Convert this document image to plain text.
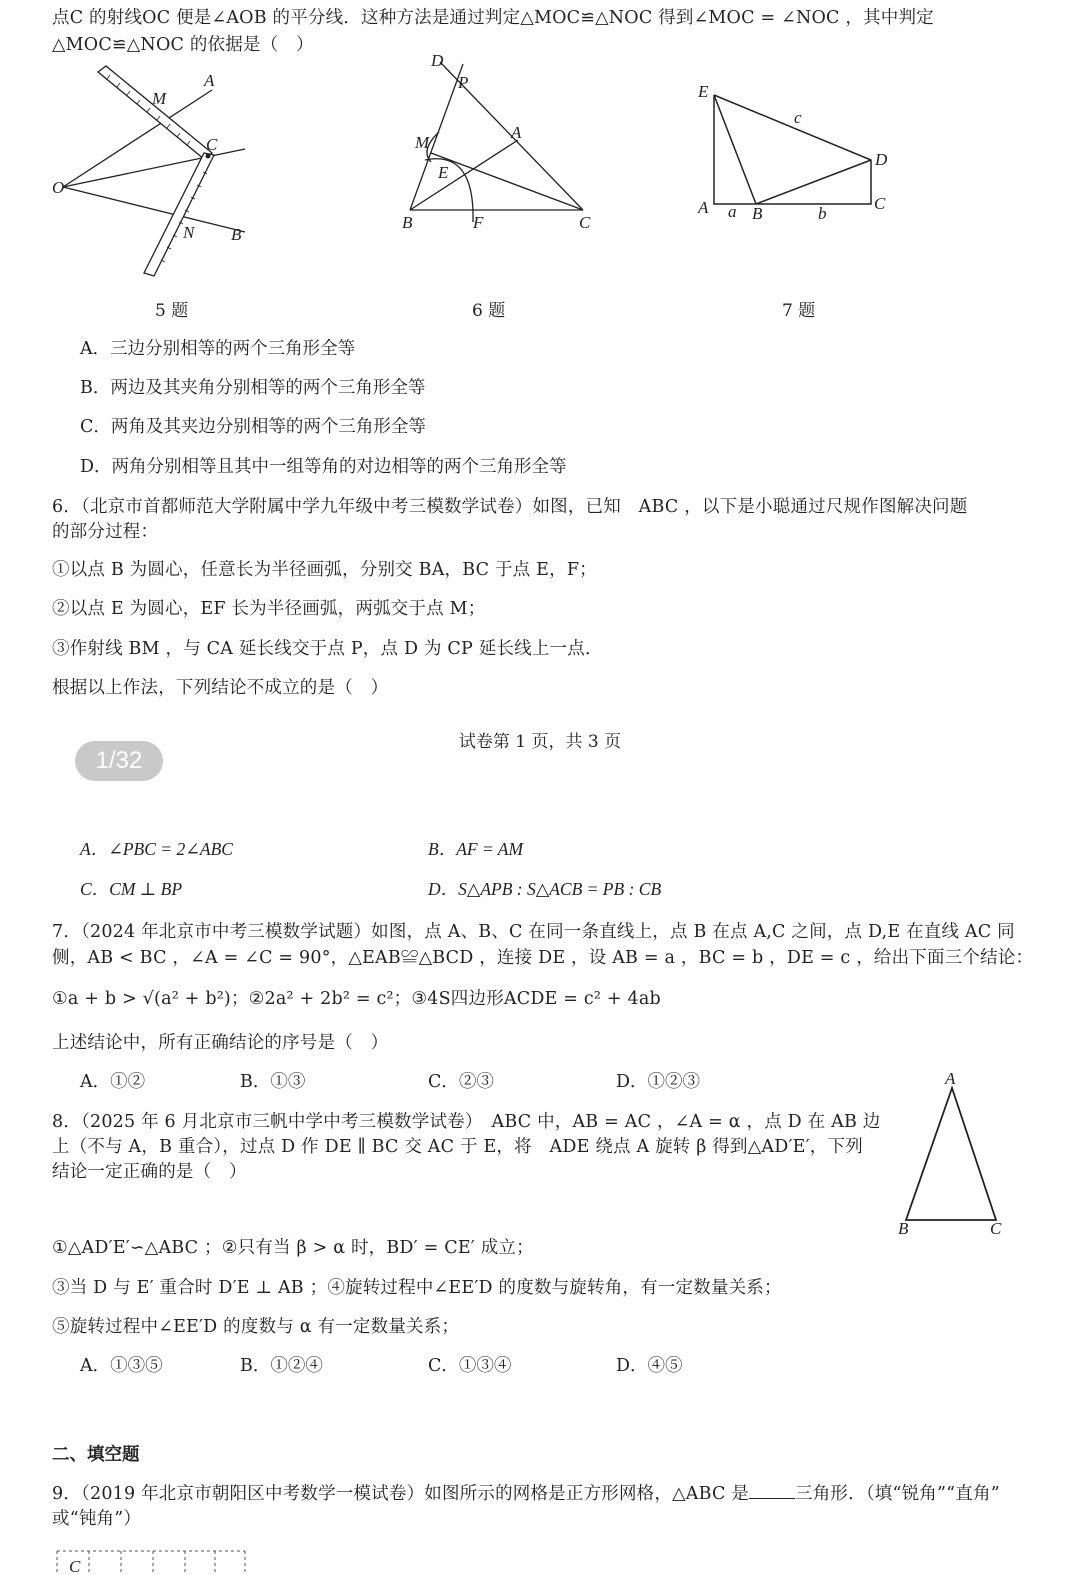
点C 的射线OC 便是∠AOB 的平分线．这种方法是通过判定△MOC≌△NOC 得到∠MOC = ∠NOC ，其中判定
△MOC≌△NOC 的依据是（　）
A
M
C
O
N B
5 题
D
P
A
M
E
B	F	C
6 题
E
c
D
A a B	b
C
7 题
A．三边分别相等的两个三角形全等
B．两边及其夹角分别相等的两个三角形全等
C．两角及其夹边分别相等的两个三角形全等
D．两角分别相等且其中一组等角的对边相等的两个三角形全等
6．（北京市首都师范大学附属中学九年级中考三模数学试卷）如图，已知　ABC ，以下是小聪通过尺规作图解决问题
的部分过程：
①以点 B 为圆心，任意长为半径画弧，分别交 BA，BC 于点 E，F；
②以点 E 为圆心，EF 长为半径画弧，两弧交于点 M；
③作射线 BM ，与 CA 延长线交于点 P，点 D 为 CP 延长线上一点．
根据以上作法，下列结论不成立的是（　）
试卷第 1 页，共 3 页
1/32
A．∠PBC = 2∠ABC	B．AF = AM
C．CM ⊥ BP	D．S△APB : S△ACB = PB : CB
7．（2024 年北京市中考三模数学试题）如图，点 A、B、C 在同一条直线上，点 B 在点 A,C 之间，点 D,E 在直线 AC 同
侧，AB < BC ，∠A = ∠C = 90°，△EAB≌△BCD ，连接 DE ，设 AB = a ，BC = b ，DE = c ，给出下面三个结论：
①a + b > √(a² + b²)；②2a² + 2b² = c²；③4S四边形ACDE = c² + 4ab
上述结论中，所有正确结论的序号是（　）
A．①②	B．①③	C．②③	D．①②③
8．（2025 年 6 月北京市三帆中学中考三模数学试卷）　ABC 中，AB = AC ，∠A = α ，点 D 在 AB 边
上（不与 A，B 重合），过点 D 作 DE ∥ BC 交 AC 于 E，将　ADE 绕点 A 旋转 β 得到△AD′E′，下列
结论一定正确的是（　）
A
B	C
①△AD′E′∽△ABC ；②只有当 β > α 时，BD′ = CE′ 成立；
③当 D 与 E′ 重合时 D′E ⊥ AB ；④旋转过程中∠EE′D 的度数与旋转角，有一定数量关系；
⑤旋转过程中∠EE′D 的度数与 α 有一定数量关系；
A．①③⑤	B．①②④	C．①③④	D．④⑤
二、填空题
9．（2019 年北京市朝阳区中考数学一模试卷）如图所示的网格是正方形网格，△ABC 是	三角形．（填“锐角”“直角”
或“钝角”）
C
